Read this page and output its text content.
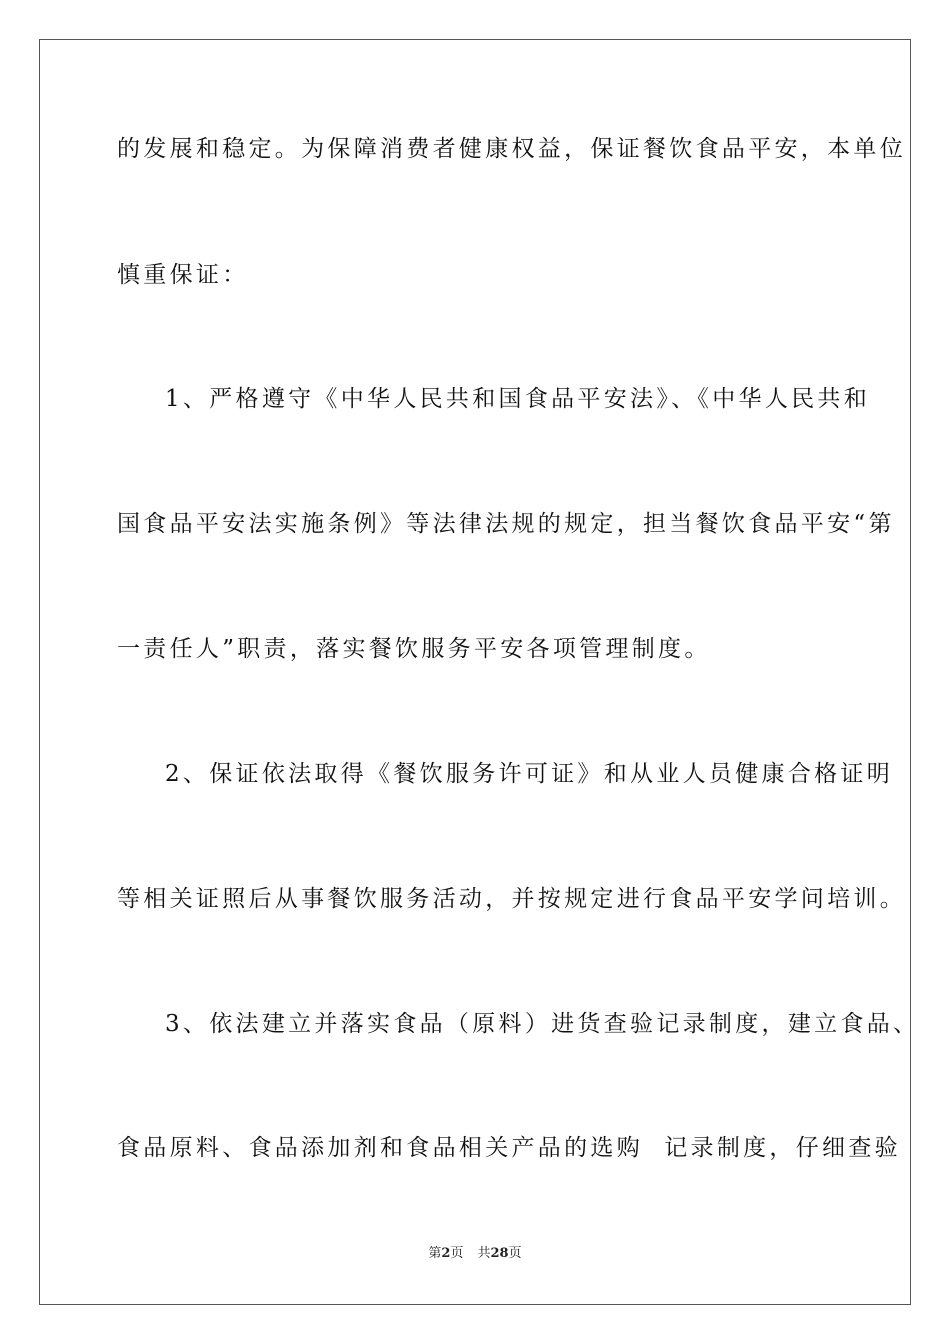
的发展和稳定。为保障消费者健康权益，保证餐饮食品平安，本单位
慎重保证：
1、严格遵守《中华人民共和国食品平安法》、《中华人民共和
国食品平安法实施条例》等法律法规的规定，担当餐饮食品平安“第
一责任人”职责，落实餐饮服务平安各项管理制度。
2、保证依法取得《餐饮服务许可证》和从业人员健康合格证明
等相关证照后从事餐饮服务活动，并按规定进行食品平安学问培训。
3、依法建立并落实食品（原料）进货查验记录制度，建立食品、
食品原料、食品添加剂和食品相关产品的选购  记录制度，仔细查验
第2页 共28页
